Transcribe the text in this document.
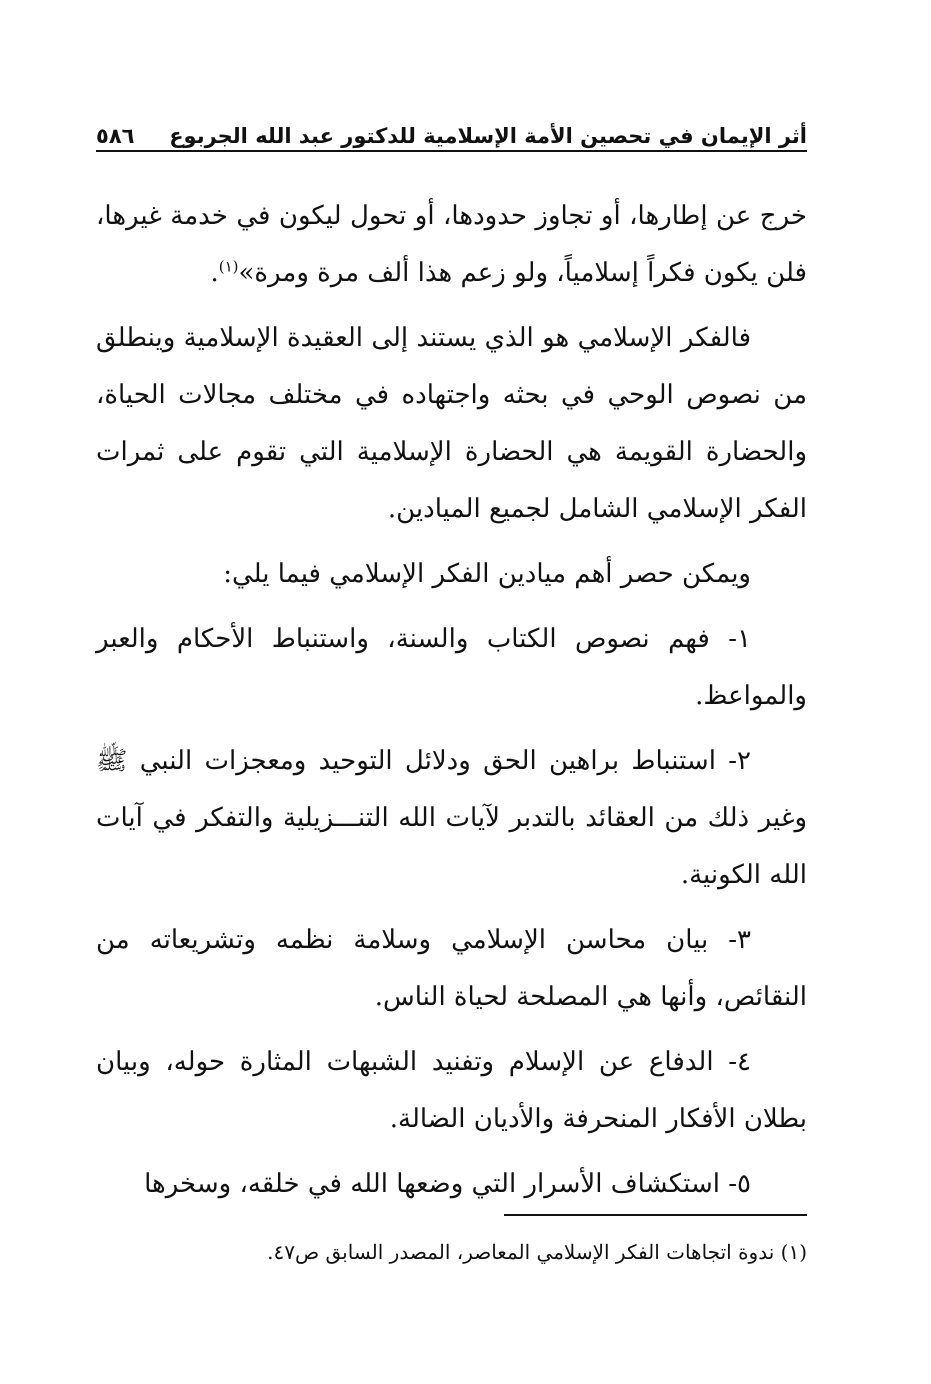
أثر الإيمان في تحصين الأمة الإسلامية للدكتور عبد الله الجربوع
٥٨٦

خرج عن إطارها، أو تجاوز حدودها، أو تحول ليكون في خدمة غيرها، فلن يكون فكراً إسلامياً، ولو زعم هذا ألف مرة ومرة»$^{(١)}$.

فالفكر الإسلامي هو الذي يستند إلى العقيدة الإسلامية وينطلق من نصوص الوحي في بحثه واجتهاده في مختلف مجالات الحياة، والحضارة القويمة هي الحضارة الإسلامية التي تقوم على ثمرات الفكر الإسلامي الشامل لجميع الميادين.

ويمكن حصر أهم ميادين الفكر الإسلامي فيما يلي:

١- فهم نصوص الكتاب والسنة، واستنباط الأحكام والعبر والمواعظ.

٢- استنباط براهين الحق ودلائل التوحيد ومعجزات النبي ﷺ وغير ذلك من العقائد بالتدبر لآيات الله التنـــزيلية والتفكر في آيات الله الكونية.

٣- بيان محاسن الإسلامي وسلامة نظمه وتشريعاته من النقائص، وأنها هي المصلحة لحياة الناس.

٤- الدفاع عن الإسلام وتفنيد الشبهات المثارة حوله، وبيان بطلان الأفكار المنحرفة والأديان الضالة.

٥- استكشاف الأسرار التي وضعها الله في خلقه، وسخرها

(١) ندوة اتجاهات الفكر الإسلامي المعاصر، المصدر السابق ص٤٧.
